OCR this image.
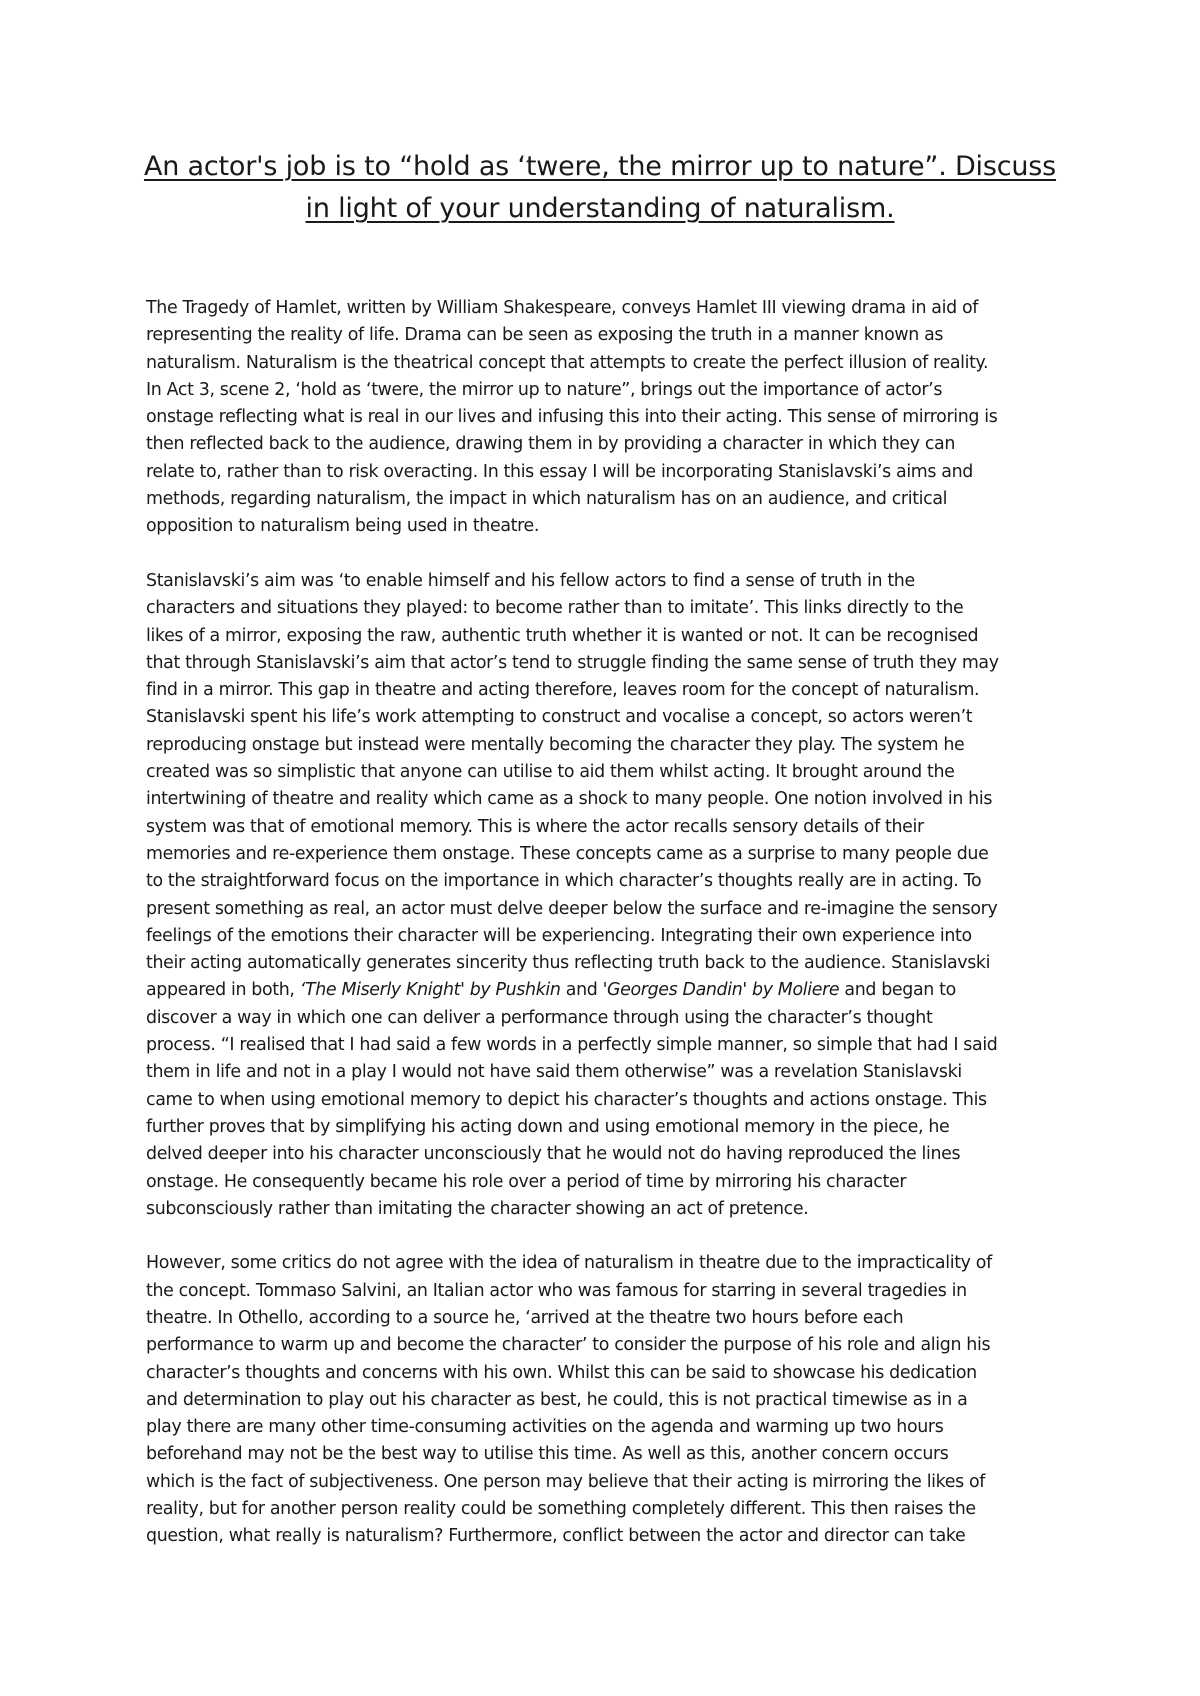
An actor's job is to “hold as ‘twere, the mirror up to nature”. Discuss
in light of your understanding of naturalism.

The Tragedy of Hamlet, written by William Shakespeare, conveys Hamlet III viewing drama in aid of
representing the reality of life. Drama can be seen as exposing the truth in a manner known as
naturalism. Naturalism is the theatrical concept that attempts to create the perfect illusion of reality.
In Act 3, scene 2, ‘hold as ‘twere, the mirror up to nature”, brings out the importance of actor’s
onstage reflecting what is real in our lives and infusing this into their acting. This sense of mirroring is
then reflected back to the audience, drawing them in by providing a character in which they can
relate to, rather than to risk overacting. In this essay I will be incorporating Stanislavski’s aims and
methods, regarding naturalism, the impact in which naturalism has on an audience, and critical
opposition to naturalism being used in theatre.

Stanislavski’s aim was ‘to enable himself and his fellow actors to find a sense of truth in the
characters and situations they played: to become rather than to imitate’. This links directly to the
likes of a mirror, exposing the raw, authentic truth whether it is wanted or not. It can be recognised
that through Stanislavski’s aim that actor’s tend to struggle finding the same sense of truth they may
find in a mirror. This gap in theatre and acting therefore, leaves room for the concept of naturalism.
Stanislavski spent his life’s work attempting to construct and vocalise a concept, so actors weren’t
reproducing onstage but instead were mentally becoming the character they play. The system he
created was so simplistic that anyone can utilise to aid them whilst acting. It brought around the
intertwining of theatre and reality which came as a shock to many people. One notion involved in his
system was that of emotional memory. This is where the actor recalls sensory details of their
memories and re-experience them onstage. These concepts came as a surprise to many people due
to the straightforward focus on the importance in which character’s thoughts really are in acting. To
present something as real, an actor must delve deeper below the surface and re-imagine the sensory
feelings of the emotions their character will be experiencing. Integrating their own experience into
their acting automatically generates sincerity thus reflecting truth back to the audience. Stanislavski
appeared in both, ‘The Miserly Knight' by Pushkin and 'Georges Dandin' by Moliere and began to
discover a way in which one can deliver a performance through using the character’s thought
process. “I realised that I had said a few words in a perfectly simple manner, so simple that had I said
them in life and not in a play I would not have said them otherwise” was a revelation Stanislavski
came to when using emotional memory to depict his character’s thoughts and actions onstage. This
further proves that by simplifying his acting down and using emotional memory in the piece, he
delved deeper into his character unconsciously that he would not do having reproduced the lines
onstage. He consequently became his role over a period of time by mirroring his character
subconsciously rather than imitating the character showing an act of pretence.

However, some critics do not agree with the idea of naturalism in theatre due to the impracticality of
the concept. Tommaso Salvini, an Italian actor who was famous for starring in several tragedies in
theatre. In Othello, according to a source he, ‘arrived at the theatre two hours before each
performance to warm up and become the character’ to consider the purpose of his role and align his
character’s thoughts and concerns with his own. Whilst this can be said to showcase his dedication
and determination to play out his character as best, he could, this is not practical timewise as in a
play there are many other time-consuming activities on the agenda and warming up two hours
beforehand may not be the best way to utilise this time. As well as this, another concern occurs
which is the fact of subjectiveness. One person may believe that their acting is mirroring the likes of
reality, but for another person reality could be something completely different. This then raises the
question, what really is naturalism? Furthermore, conflict between the actor and director can take
